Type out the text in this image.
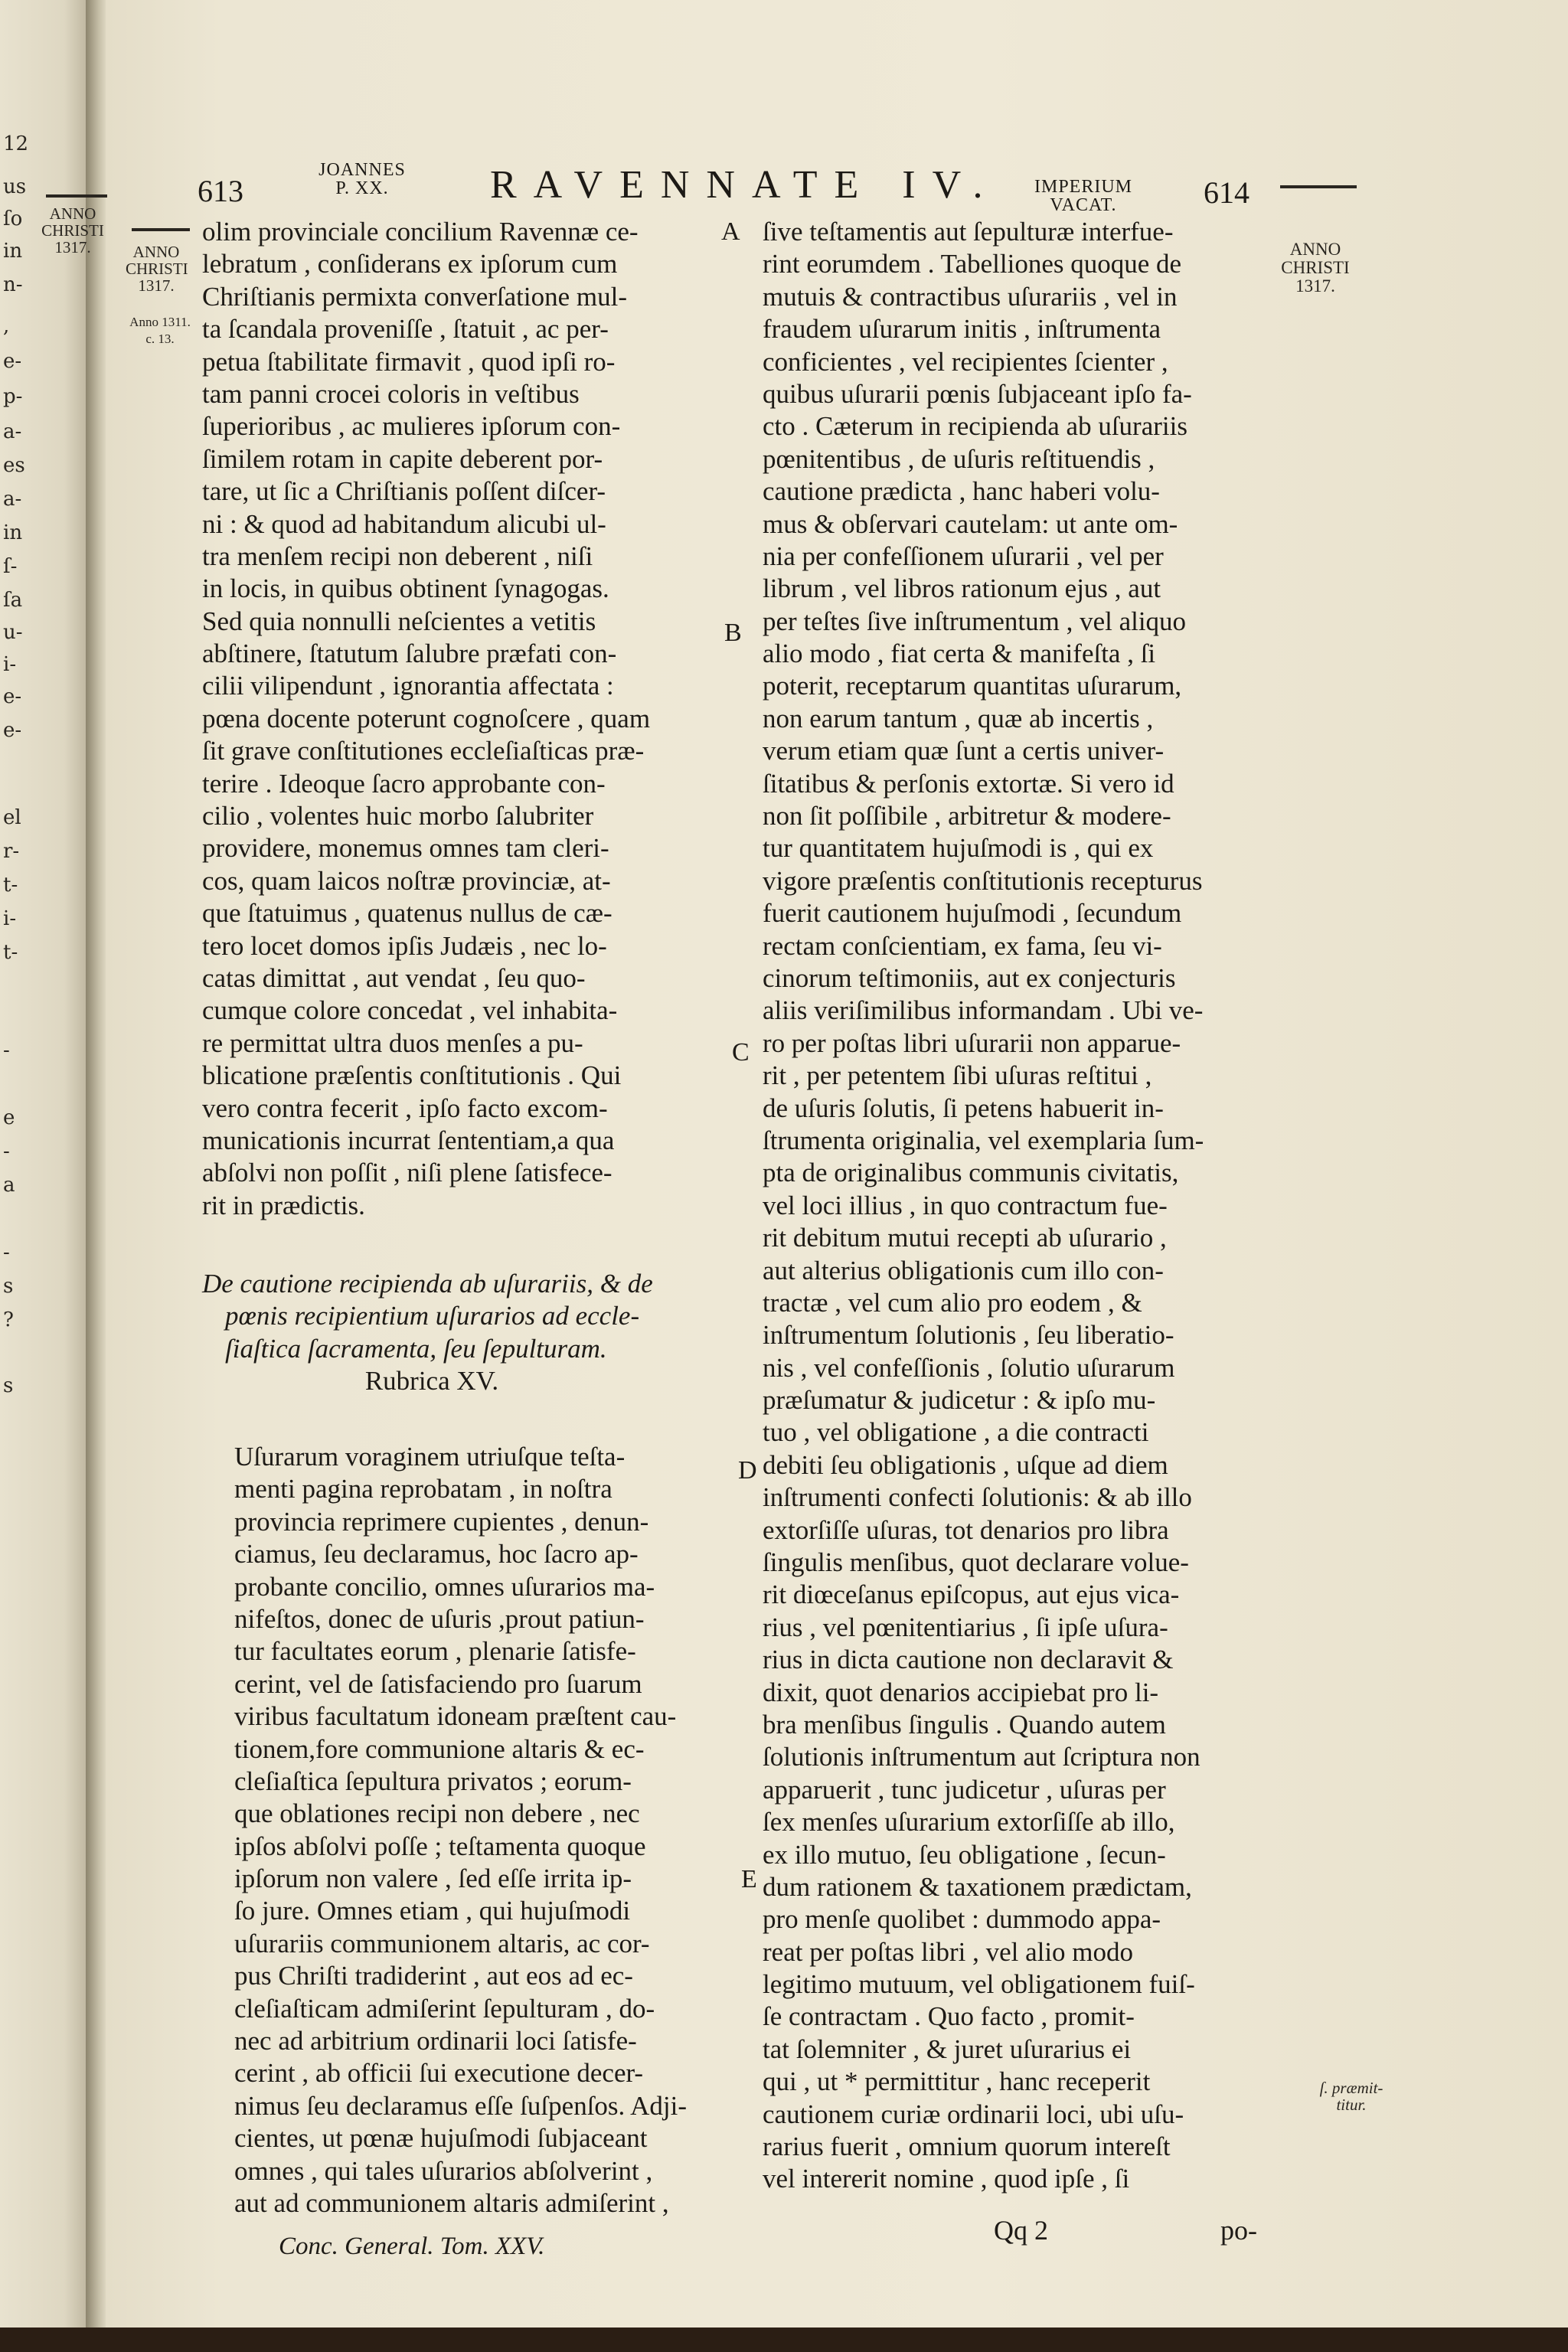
12
us
ſo
in
n-
,
e-
p-
a-
es
a-
in
ſ-
ſa
u-
i-
e-
e-
el
r-
t-
i-
t-
-
e
-
a
-
s
?
s
613
JOANNES
P. XX.	RAVENNATE IV.	IMPERIUM
VACAT.	614
ANNO
CHRISTI
1317.	ANNO
CHRISTI
1317.
Anno 1311.
c. 13.
ANNO
CHRISTI
1317.
ſ. præmit-
titur.
A
B
C
D
E
olim provinciale concilium Ravennæ ce-
lebratum , conſiderans ex ipſorum cum
Chriſtianis permixta converſatione mul-
ta ſcandala proveniſſe , ſtatuit , ac per-
petua ſtabilitate firmavit , quod ipſi ro-
tam panni crocei coloris in veſtibus
ſuperioribus , ac mulieres ipſorum con-
ſimilem rotam in capite deberent por-
tare, ut ſic a Chriſtianis poſſent diſcer-
ni : & quod ad habitandum alicubi ul-
tra menſem recipi non deberent , niſi
in locis, in quibus obtinent ſynagogas.
Sed quia nonnulli neſcientes a vetitis
abſtinere, ſtatutum ſalubre præfati con-
cilii vilipendunt , ignorantia affectata :
pœna docente poterunt cognoſcere , quam
ſit grave conſtitutiones eccleſiaſticas præ-
terire . Ideoque ſacro approbante con-
cilio , volentes huic morbo ſalubriter
providere, monemus omnes tam cleri-
cos, quam laicos noſtræ provinciæ, at-
que ſtatuimus , quatenus nullus de cæ-
tero locet domos ipſis Judæis , nec lo-
catas dimittat , aut vendat , ſeu quo-
cumque colore concedat , vel inhabita-
re permittat ultra duos menſes a pu-
blicatione præſentis conſtitutionis . Qui
vero contra fecerit , ipſo facto excom-
municationis incurrat ſententiam,a qua
abſolvi non poſſit , niſi plene ſatisfece-
rit in prædictis.
De cautione recipienda ab uſurariis, & de
pœnis recipientium uſurarios ad eccle-
ſiaſtica ſacramenta, ſeu ſepulturam.
Rubrica XV.
Uſurarum voraginem utriuſque teſta-
menti pagina reprobatam , in noſtra
provincia reprimere cupientes , denun-
ciamus, ſeu declaramus, hoc ſacro ap-
probante concilio, omnes uſurarios ma-
nifeſtos, donec de uſuris ,prout patiun-
tur facultates eorum , plenarie ſatisfe-
cerint, vel de ſatisfaciendo pro ſuarum
viribus facultatum idoneam præſtent cau-
tionem,fore communione altaris & ec-
cleſiaſtica ſepultura privatos ; eorum-
que oblationes recipi non debere , nec
ipſos abſolvi poſſe ; teſtamenta quoque
ipſorum non valere , ſed eſſe irrita ip-
ſo jure. Omnes etiam , qui hujuſmodi
uſurariis communionem altaris, ac cor-
pus Chriſti tradiderint , aut eos ad ec-
cleſiaſticam admiſerint ſepulturam , do-
nec ad arbitrium ordinarii loci ſatisfe-
cerint , ab officii ſui executione decer-
nimus ſeu declaramus eſſe ſuſpenſos. Adji-
cientes, ut pœnæ hujuſmodi ſubjaceant
omnes , qui tales uſurarios abſolverint ,
aut ad communionem altaris admiſerint ,
ſive teſtamentis aut ſepulturæ interfue-
rint eorumdem . Tabelliones quoque de
mutuis & contractibus uſurariis , vel in
fraudem uſurarum initis , inſtrumenta
conficientes , vel recipientes ſcienter ,
quibus uſurarii pœnis ſubjaceant ipſo fa-
cto . Cæterum in recipienda ab uſurariis
pœnitentibus , de uſuris reſtituendis ,
cautione prædicta , hanc haberi volu-
mus & obſervari cautelam: ut ante om-
nia per confeſſionem uſurarii , vel per
librum , vel libros rationum ejus , aut
per teſtes ſive inſtrumentum , vel aliquo
alio modo , fiat certa & manifeſta , ſi
poterit, receptarum quantitas uſurarum,
non earum tantum , quæ ab incertis ,
verum etiam quæ ſunt a certis univer-
ſitatibus & perſonis extortæ. Si vero id
non ſit poſſibile , arbitretur & modere-
tur quantitatem hujuſmodi is , qui ex
vigore præſentis conſtitutionis recepturus
fuerit cautionem hujuſmodi , ſecundum
rectam conſcientiam, ex fama, ſeu vi-
cinorum teſtimoniis, aut ex conjecturis
aliis veriſimilibus informandam . Ubi ve-
ro per poſtas libri uſurarii non apparue-
rit , per petentem ſibi uſuras reſtitui ,
de uſuris ſolutis, ſi petens habuerit in-
ſtrumenta originalia, vel exemplaria ſum-
pta de originalibus communis civitatis,
vel loci illius , in quo contractum fue-
rit debitum mutui recepti ab uſurario ,
aut alterius obligationis cum illo con-
tractæ , vel cum alio pro eodem , &
inſtrumentum ſolutionis , ſeu liberatio-
nis , vel confeſſionis , ſolutio uſurarum
præſumatur & judicetur : & ipſo mu-
tuo , vel obligatione , a die contracti
debiti ſeu obligationis , uſque ad diem
inſtrumenti confecti ſolutionis: & ab illo
extorſiſſe uſuras, tot denarios pro libra
ſingulis menſibus, quot declarare volue-
rit diœceſanus epiſcopus, aut ejus vica-
rius , vel pœnitentiarius , ſi ipſe uſura-
rius in dicta cautione non declaravit &
dixit, quot denarios accipiebat pro li-
bra menſibus ſingulis . Quando autem
ſolutionis inſtrumentum aut ſcriptura non
apparuerit , tunc judicetur , uſuras per
ſex menſes uſurarium extorſiſſe ab illo,
ex illo mutuo, ſeu obligatione , ſecun-
dum rationem & taxationem prædictam,
pro menſe quolibet : dummodo appa-
reat per poſtas libri , vel alio modo
legitimo mutuum, vel obligationem fuiſ-
ſe contractam . Quo facto , promit-
tat ſolemniter , & juret uſurarius ei
qui , ut * permittitur , hanc receperit
cautionem curiæ ordinarii loci, ubi uſu-
rarius fuerit , omnium quorum intereſt
vel intererit nomine , quod ipſe , ſi
Conc. General. Tom. XXV.
Qq 2	po-
